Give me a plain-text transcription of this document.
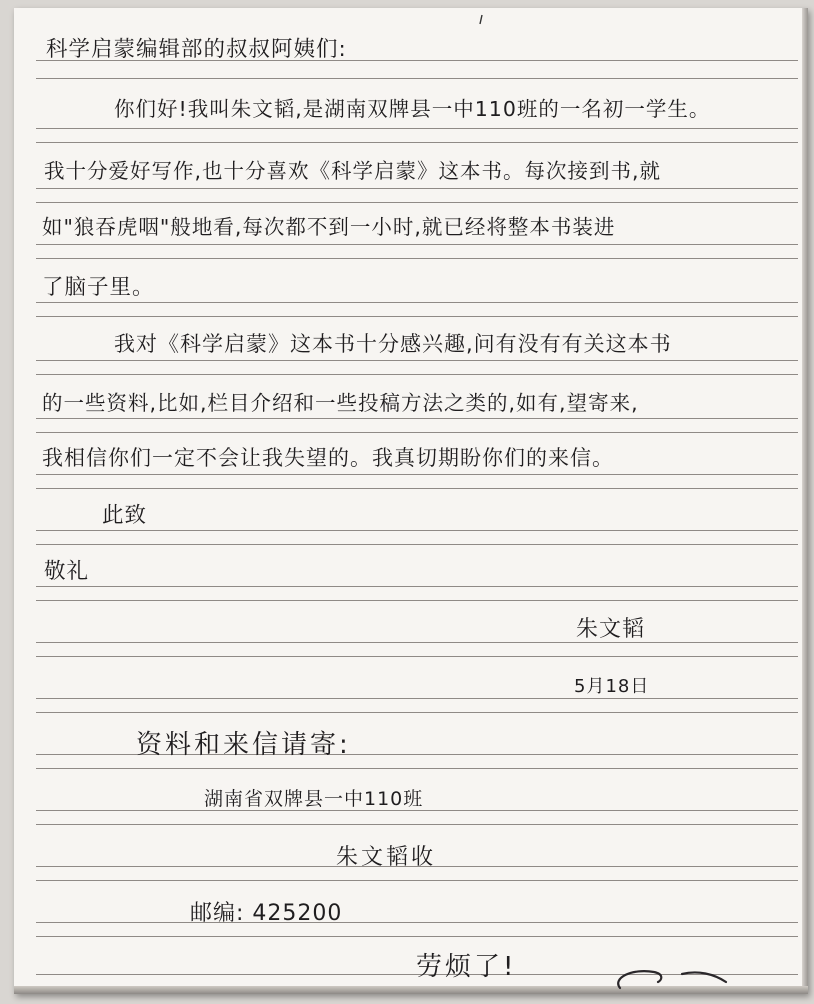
科学启蒙编辑部的叔叔阿姨们:
你们好!我叫朱文韬,是湖南双牌县一中110班的一名初一学生。
我十分爱好写作,也十分喜欢《科学启蒙》这本书。每次接到书,就
如"狼吞虎咽"般地看,每次都不到一小时,就已经将整本书装进
了脑子里。
我对《科学启蒙》这本书十分感兴趣,问有没有有关这本书
的一些资料,比如,栏目介绍和一些投稿方法之类的,如有,望寄来,
我相信你们一定不会让我失望的。我真切期盼你们的来信。
此致
敬礼
朱文韬
5月18日
资料和来信请寄:
湖南省双牌县一中110班
朱文韬收
邮编: 425200
劳烦了!
